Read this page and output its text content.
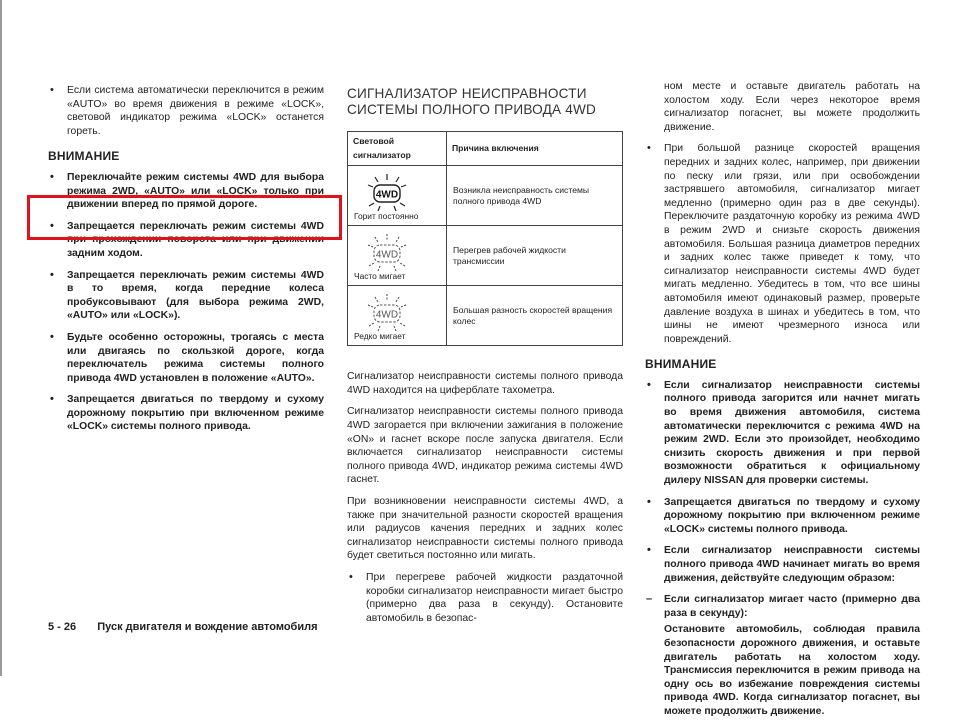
• Если система автоматически переключится в режим «AUTO» во время движения в режиме «LOCK», световой индикатор режима «LOCK» останется гореть.
ВНИМАНИЕ
• Переключайте режим системы 4WD для выбора режима 2WD, «AUTO» или «LOCK» только при движении вперед по прямой дороге.
• Запрещается переключать режим системы 4WD при прохождении поворота или при движении задним ходом.
• Запрещается переключать режим системы 4WD в то время, когда передние колеса пробуксовывают (для выбора режима 2WD, «AUTO» или «LOCK»).
• Будьте особенно осторожны, трогаясь с места или двигаясь по скользкой дороге, когда переключатель режима системы полного привода 4WD установлен в положение «AUTO».
• Запрещается двигаться по твердому и сухому дорожному покрытию при включенном режиме «LOCK» системы полного привода.
СИГНАЛИЗАТОР НЕИСПРАВНОСТИ СИСТЕМЫ ПОЛНОГО ПРИВОДА 4WD
Световой сигнализатор	Причина включения

4WD
Горит постоянно	Возникла неисправность системы полного привода 4WD

4WD
Часто мигает	Перегрев рабочей жидкости трансмиссии

4WD
Редко мигает	Большая разность скоростей вращения колес

Сигнализатор неисправности системы полного привода 4WD находится на циферблате тахометра.

Сигнализатор неисправности системы полного привода 4WD загорается при включении зажигания в положение «ON» и гаснет вскоре после запуска двигателя. Если включается сигнализатор неисправности системы полного привода 4WD, индикатор режима системы 4WD гаснет.

При возникновении неисправности системы 4WD, а также при значительной разности скоростей вращения или радиусов качения передних и задних колес сигнализатор неисправности системы полного привода будет светиться постоянно или мигать.

• При перегреве рабочей жидкости раздаточной коробки сигнализатор неисправности мигает быстро (примерно два раза в секунду). Остановите автомобиль в безопас-

ном месте и оставьте двигатель работать на холостом ходу. Если через некоторое время сигнализатор погаснет, вы можете продолжить движение.

• При большой разнице скоростей вращения передних и задних колес, например, при движении по песку или грязи, или при освобождении застрявшего автомобиля, сигнализатор мигает медленно (примерно один раз в две секунды). Переключите раздаточную коробку из режима 4WD в режим 2WD и снизьте скорость движения автомобиля. Большая разница диаметров передних и задних колес также приведет к тому, что сигнализатор неисправности системы 4WD будет мигать медленно. Убедитесь в том, что все шины автомобиля имеют одинаковый размер, проверьте давление воздуха в шинах и убедитесь в том, что шины не имеют чрезмерного износа или повреждений.
ВНИМАНИЕ
• Если сигнализатор неисправности системы полного привода загорится или начнет мигать во время движения автомобиля, система автоматически переключится с режима 4WD на режим 2WD. Если это произойдет, необходимо снизить скорость движения и при первой возможности обратиться к официальному дилеру NISSAN для проверки системы.
• Запрещается двигаться по твердому и сухому дорожному покрытию при включенном режиме «LOCK» системы полного привода.
• Если сигнализатор неисправности системы полного привода 4WD начинает мигать во время движения, действуйте следующим образом:
– Если сигнализатор мигает часто (примерно два раза в секунду):
Остановите автомобиль, соблюдая правила безопасности дорожного движения, и оставьте двигатель работать на холостом ходу. Трансмиссия переключится в режим привода на одну ось во избежание повреждения системы привода 4WD. Когда сигнализатор погаснет, вы можете продолжить движение.
5 - 26 Пуск двигателя и вождение автомобиля
